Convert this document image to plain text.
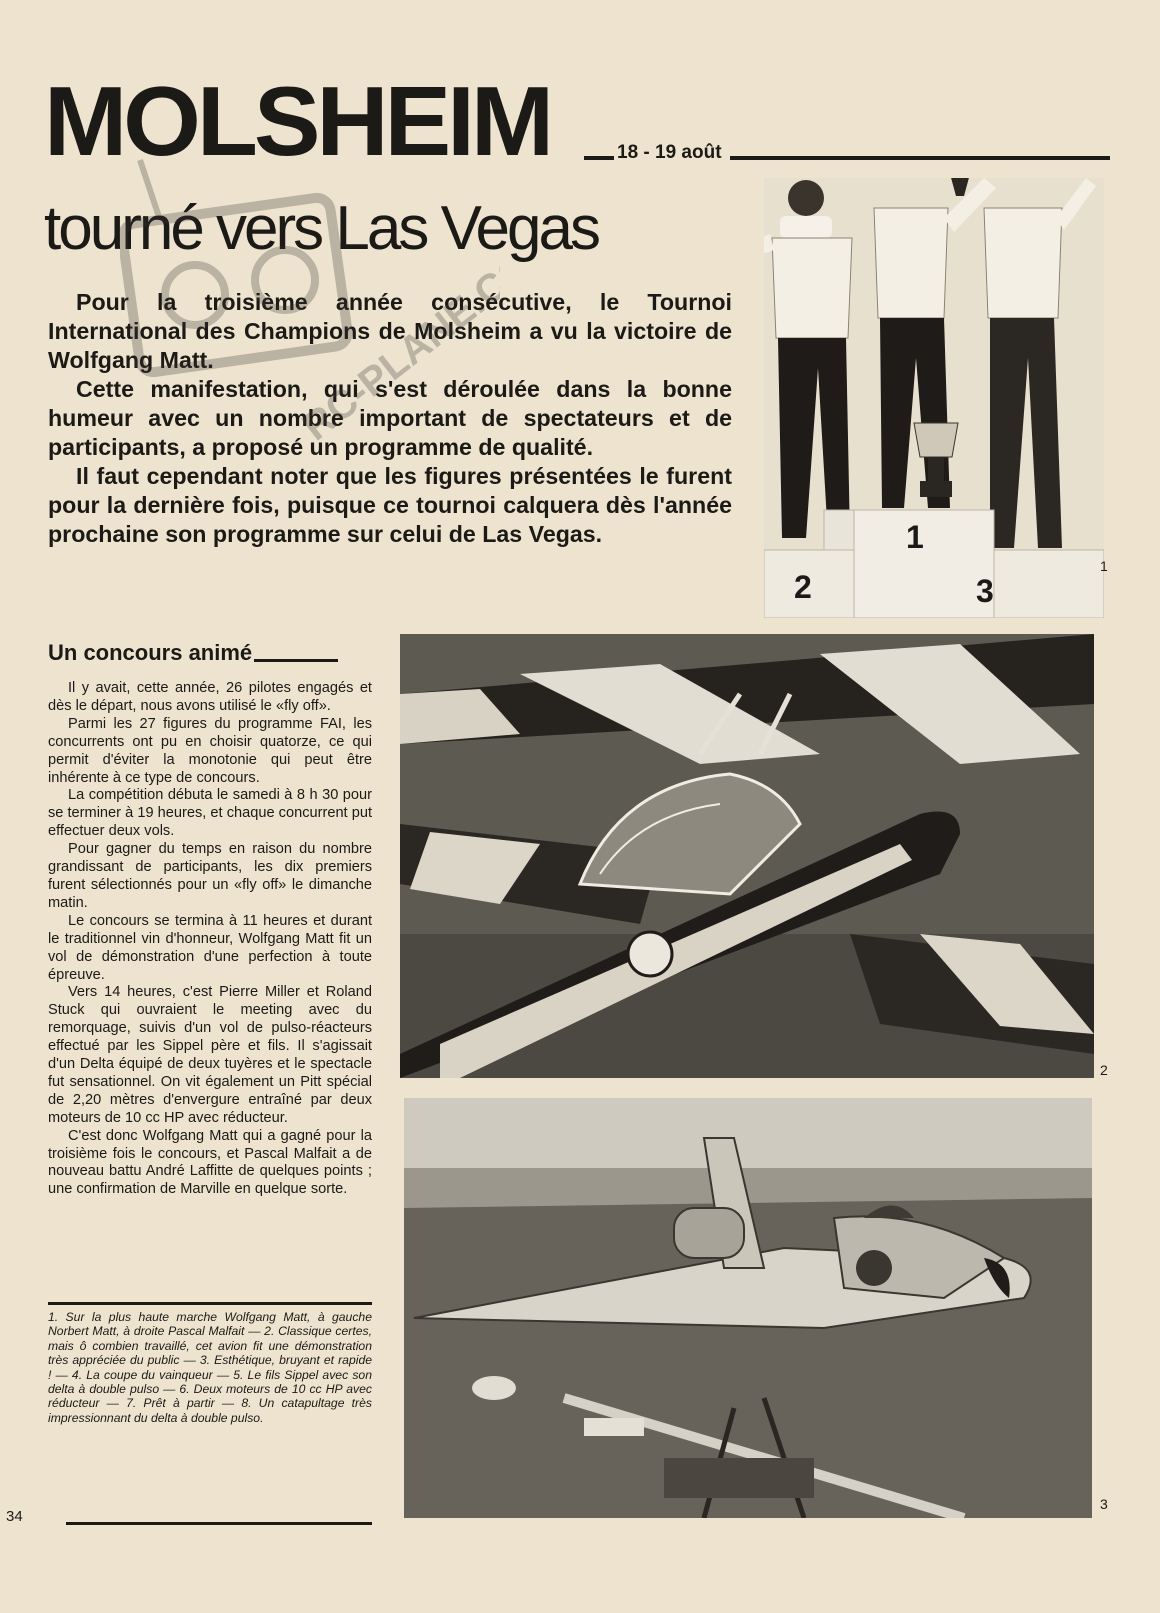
MOLSHEIM	18 - 19 août
tourné vers Las Vegas

Pour la troisième année consécutive, le Tournoi International des Champions de Molsheim a vu la victoire de Wolfgang Matt.

Cette manifestation, qui s'est déroulée dans la bonne humeur avec un nombre important de spectateurs et de participants, a proposé un programme de qualité.

Il faut cependant noter que les figures présentées le furent pour la dernière fois, puisque ce tournoi calquera dès l'année prochaine son programme sur celui de Las Vegas.

2
1
3
1
Un concours animé

Il y avait, cette année, 26 pilotes engagés et dès le départ, nous avons utilisé le «fly off».

Parmi les 27 figures du programme FAI, les concurrents ont pu en choisir quatorze, ce qui permit d'éviter la monotonie qui peut être inhérente à ce type de concours.

La compétition débuta le samedi à 8 h 30 pour se terminer à 19 heures, et chaque concurrent put effectuer deux vols.

Pour gagner du temps en raison du nombre grandissant de participants, les dix premiers furent sélectionnés pour un «fly off» le dimanche matin.

Le concours se termina à 11 heures et durant le traditionnel vin d'honneur, Wolfgang Matt fit un vol de démonstration d'une perfection à toute épreuve.

Vers 14 heures, c'est Pierre Miller et Roland Stuck qui ouvraient le meeting avec du remorquage, suivis d'un vol de pulso-réacteurs effectué par les Sippel père et fils. Il s'agissait d'un Delta équipé de deux tuyères et le spectacle fut sensationnel. On vit également un Pitt spécial de 2,20 mètres d'envergure entraîné par deux moteurs de 10 cc HP avec réducteur.

C'est donc Wolfgang Matt qui a gagné pour la troisième fois le concours, et Pascal Malfait a de nouveau battu André Laffitte de quelques points ; une confirmation de Marville en quelque sorte.

1. Sur la plus haute marche Wolfgang Matt, à gauche Norbert Matt, à droite Pascal Malfait — 2. Classique certes, mais ô combien travaillé, cet avion fit une démonstration très appréciée du public — 3. Esthétique, bruyant et rapide ! — 4. La coupe du vainqueur — 5. Le fils Sippel avec son delta à double pulso — 6. Deux moteurs de 10 cc HP avec réducteur — 7. Prêt à partir — 8. Un catapultage très impressionnant du delta à double pulso.
34
2
3
RC-PLANE.COM
